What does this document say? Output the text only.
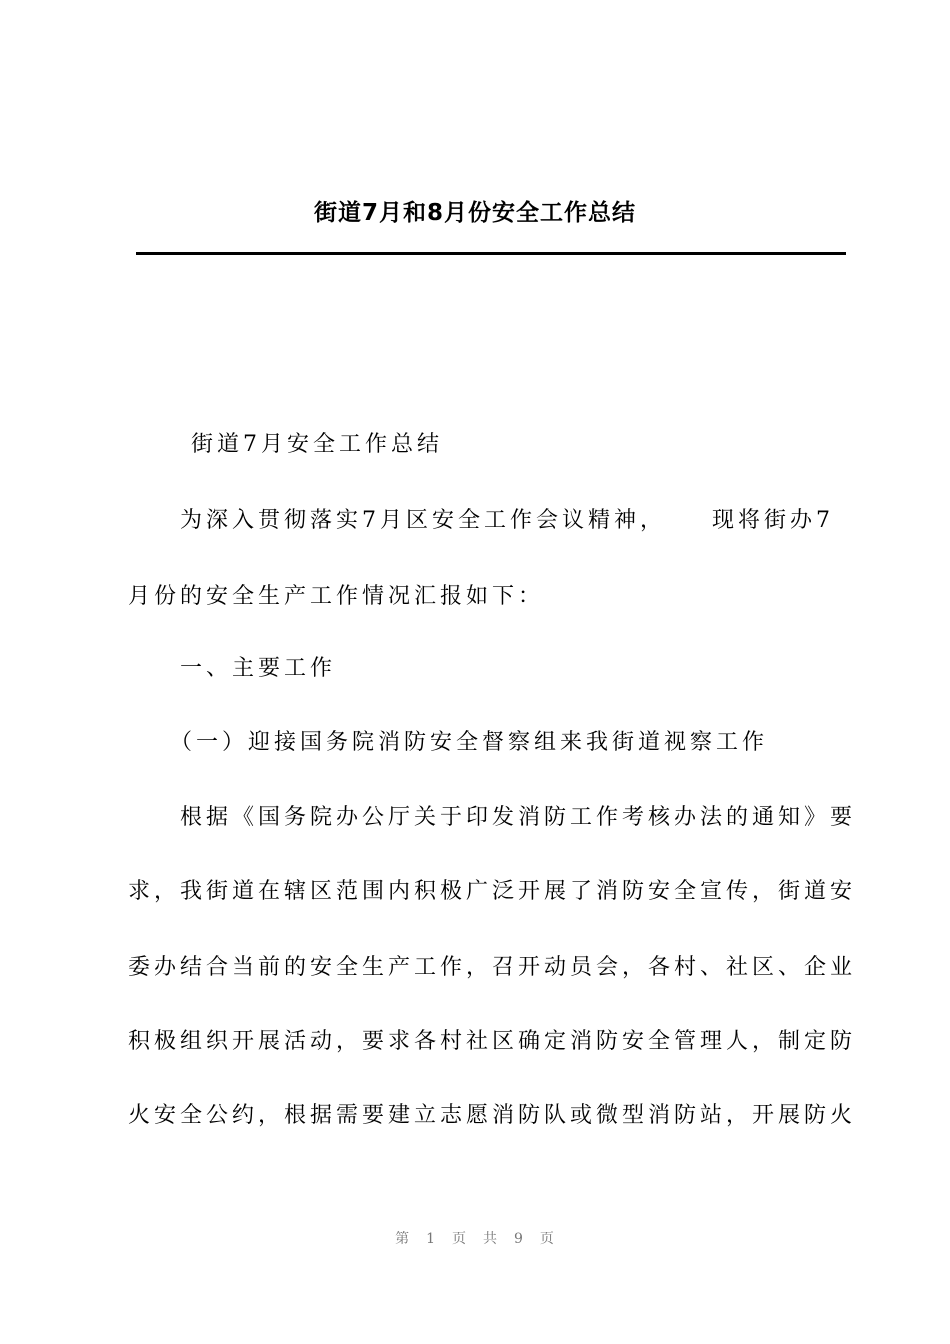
街道7月和8月份安全工作总结
街道7月安全工作总结
为深入贯彻落实7月区安全工作会议精神， 现将街办7
月份的安全生产工作情况汇报如下：
一、主要工作
（一）迎接国务院消防安全督察组来我街道视察工作
根据《国务院办公厅关于印发消防工作考核办法的通知》要
求，我街道在辖区范围内积极广泛开展了消防安全宣传，街道安
委办结合当前的安全生产工作，召开动员会，各村、社区、企业
积极组织开展活动，要求各村社区确定消防安全管理人，制定防
火安全公约，根据需要建立志愿消防队或微型消防站，开展防火
第 1 页 共 9 页
